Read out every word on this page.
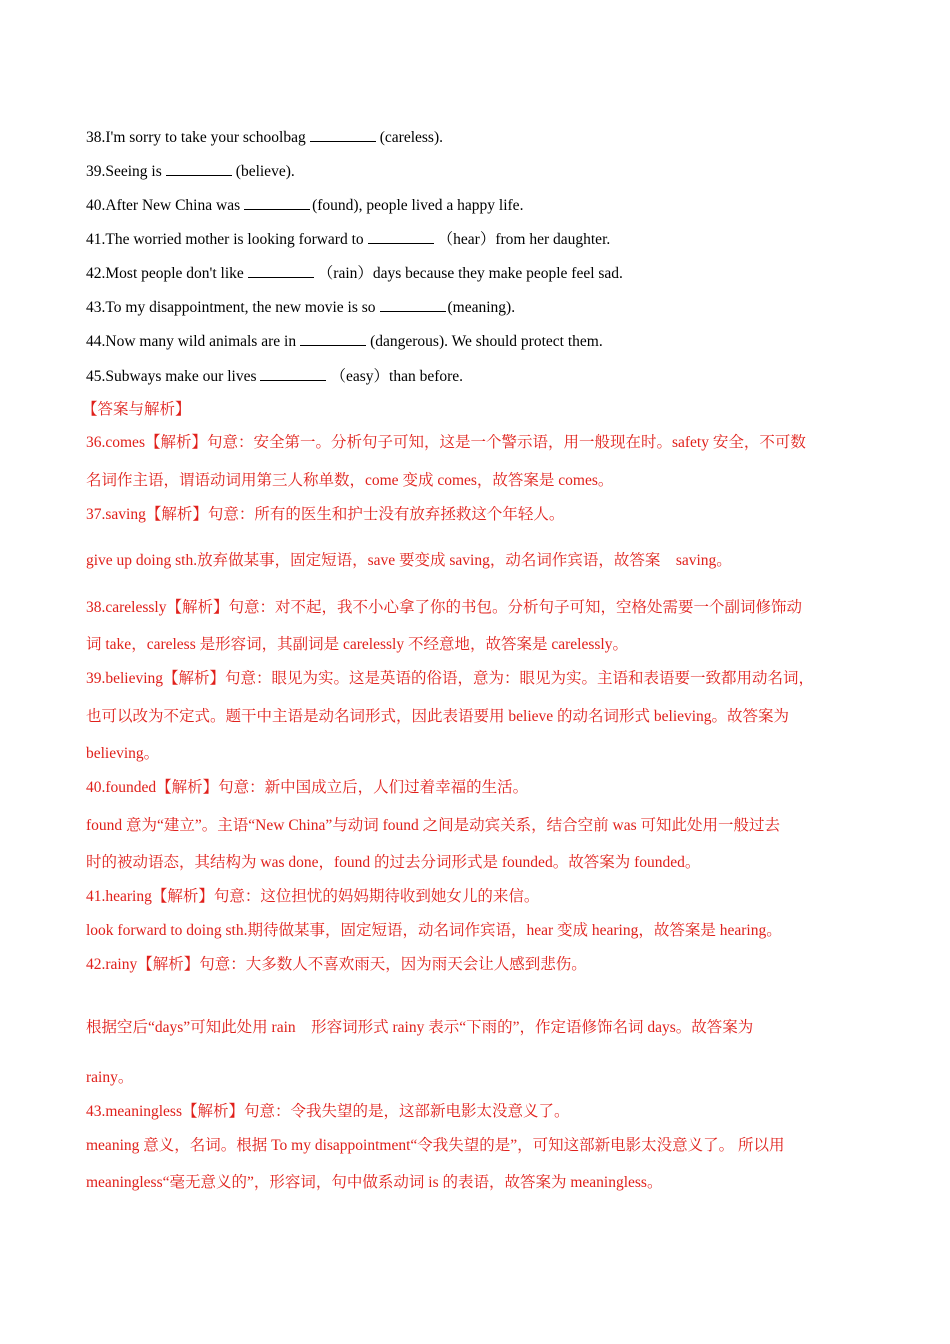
38.I'm sorry to take your schoolbag	(careless).
39.Seeing is	(believe).
40.After New China was	(found), people lived a happy life.
41.The worried mother is looking forward to	（hear）from her daughter.
42.Most people don't like	（rain）days because they make people feel sad.
43.To my disappointment, the new movie is so	(meaning).
44.Now many wild animals are in	(dangerous). We should protect them.
45.Subways make our lives	（easy）than before.
【答案与解析】
36.comes【解析】句意：安全第一。分析句子可知，这是一个警示语，用一般现在时。safety 安全，不可数
名词作主语，谓语动词用第三人称单数，come 变成 comes，故答案是 comes。
37.saving【解析】句意：所有的医生和护士没有放弃拯救这个年轻人。
give up doing sth.放弃做某事，固定短语，save 要变成 saving，动名词作宾语，故答案　saving。
38.carelessly【解析】句意：对不起，我不小心拿了你的书包。分析句子可知，空格处需要一个副词修饰动
词 take，careless 是形容词，其副词是 carelessly 不经意地，故答案是 carelessly。
39.believing【解析】句意：眼见为实。这是英语的俗语，意为：眼见为实。主语和表语要一致都用动名词，
也可以改为不定式。题干中主语是动名词形式，因此表语要用 believe 的动名词形式 believing。故答案为
believing。
40.founded【解析】句意：新中国成立后，人们过着幸福的生活。
found 意为“建立”。主语“New China”与动词 found 之间是动宾关系，结合空前 was 可知此处用一般过去
时的被动语态，其结构为 was done，found 的过去分词形式是 founded。故答案为 founded。
41.hearing【解析】句意：这位担忧的妈妈期待收到她女儿的来信。
look forward to doing sth.期待做某事，固定短语，动名词作宾语，hear 变成 hearing，故答案是 hearing。
42.rainy【解析】句意：大多数人不喜欢雨天，因为雨天会让人感到悲伤。
根据空后“days”可知此处用 rain　形容词形式 rainy 表示“下雨的”，作定语修饰名词 days。故答案为
rainy。
43.meaningless【解析】句意：令我失望的是，这部新电影太没意义了。
meaning 意义，名词。根据 To my disappointment“令我失望的是”，可知这部新电影太没意义了。 所以用
meaningless“毫无意义的”，形容词，句中做系动词 is 的表语，故答案为 meaningless。
